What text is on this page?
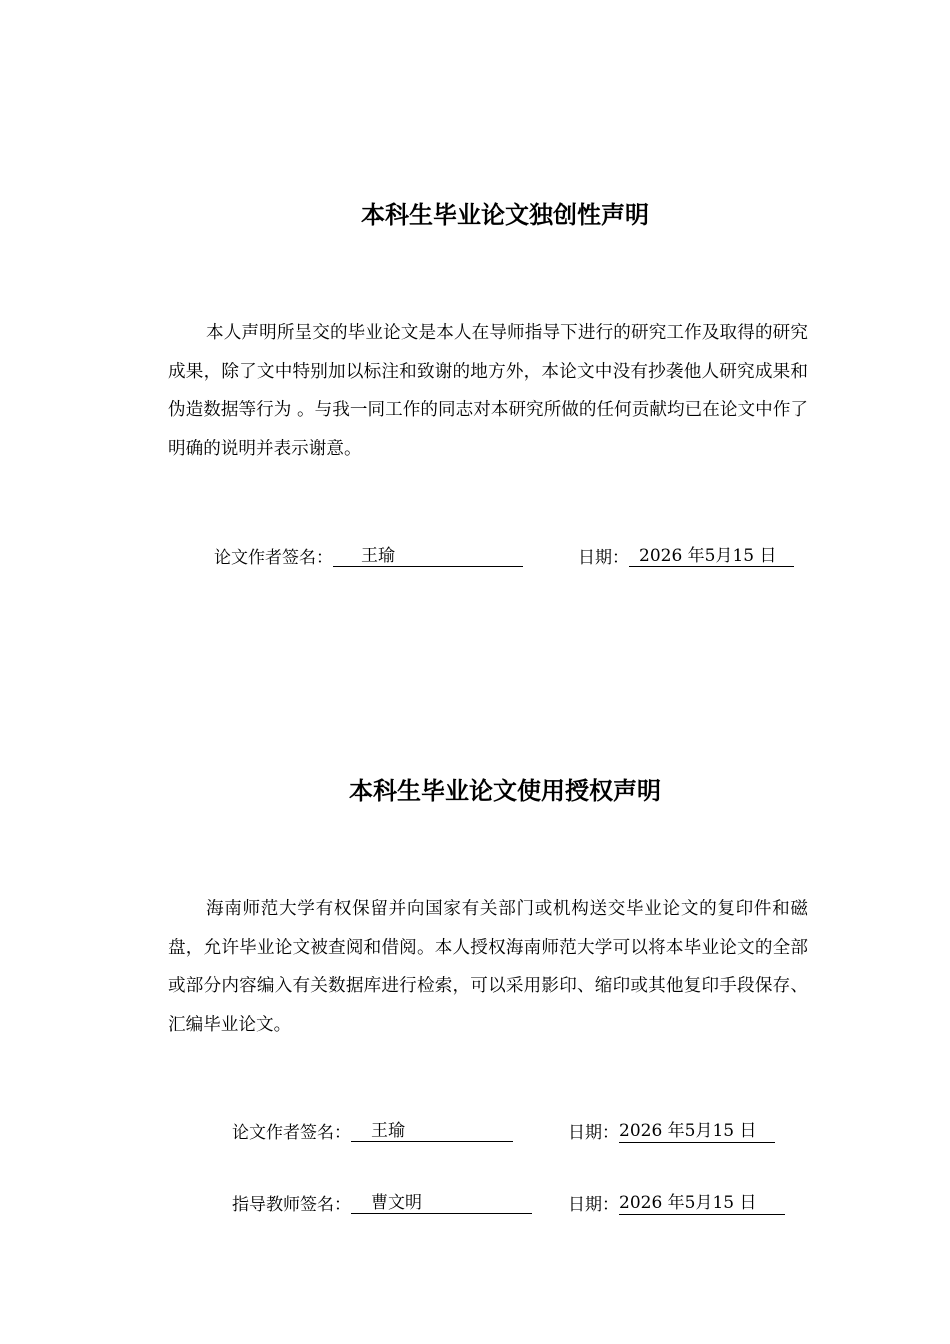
本科生毕业论文独创性声明

本人声明所呈交的毕业论文是本人在导师指导下进行的研究工作及取得的研究成果，除了文中特别加以标注和致谢的地方外，本论文中没有抄袭他人研究成果和伪造数据等行为 。与我一同工作的同志对本研究所做的任何贡献均已在论文中作了明确的说明并表示谢意。

论文作者签名： 王瑜	日期： 2026 年5月15 日
本科生毕业论文使用授权声明

海南师范大学有权保留并向国家有关部门或机构送交毕业论文的复印件和磁盘，允许毕业论文被查阅和借阅。本人授权海南师范大学可以将本毕业论文的全部或部分内容编入有关数据库进行检索，可以采用影印、缩印或其他复印手段保存、汇编毕业论文。

论文作者签名： 王瑜	日期：2026 年5月15 日
指导教师签名： 曹文明	日期：2026 年5月15 日
